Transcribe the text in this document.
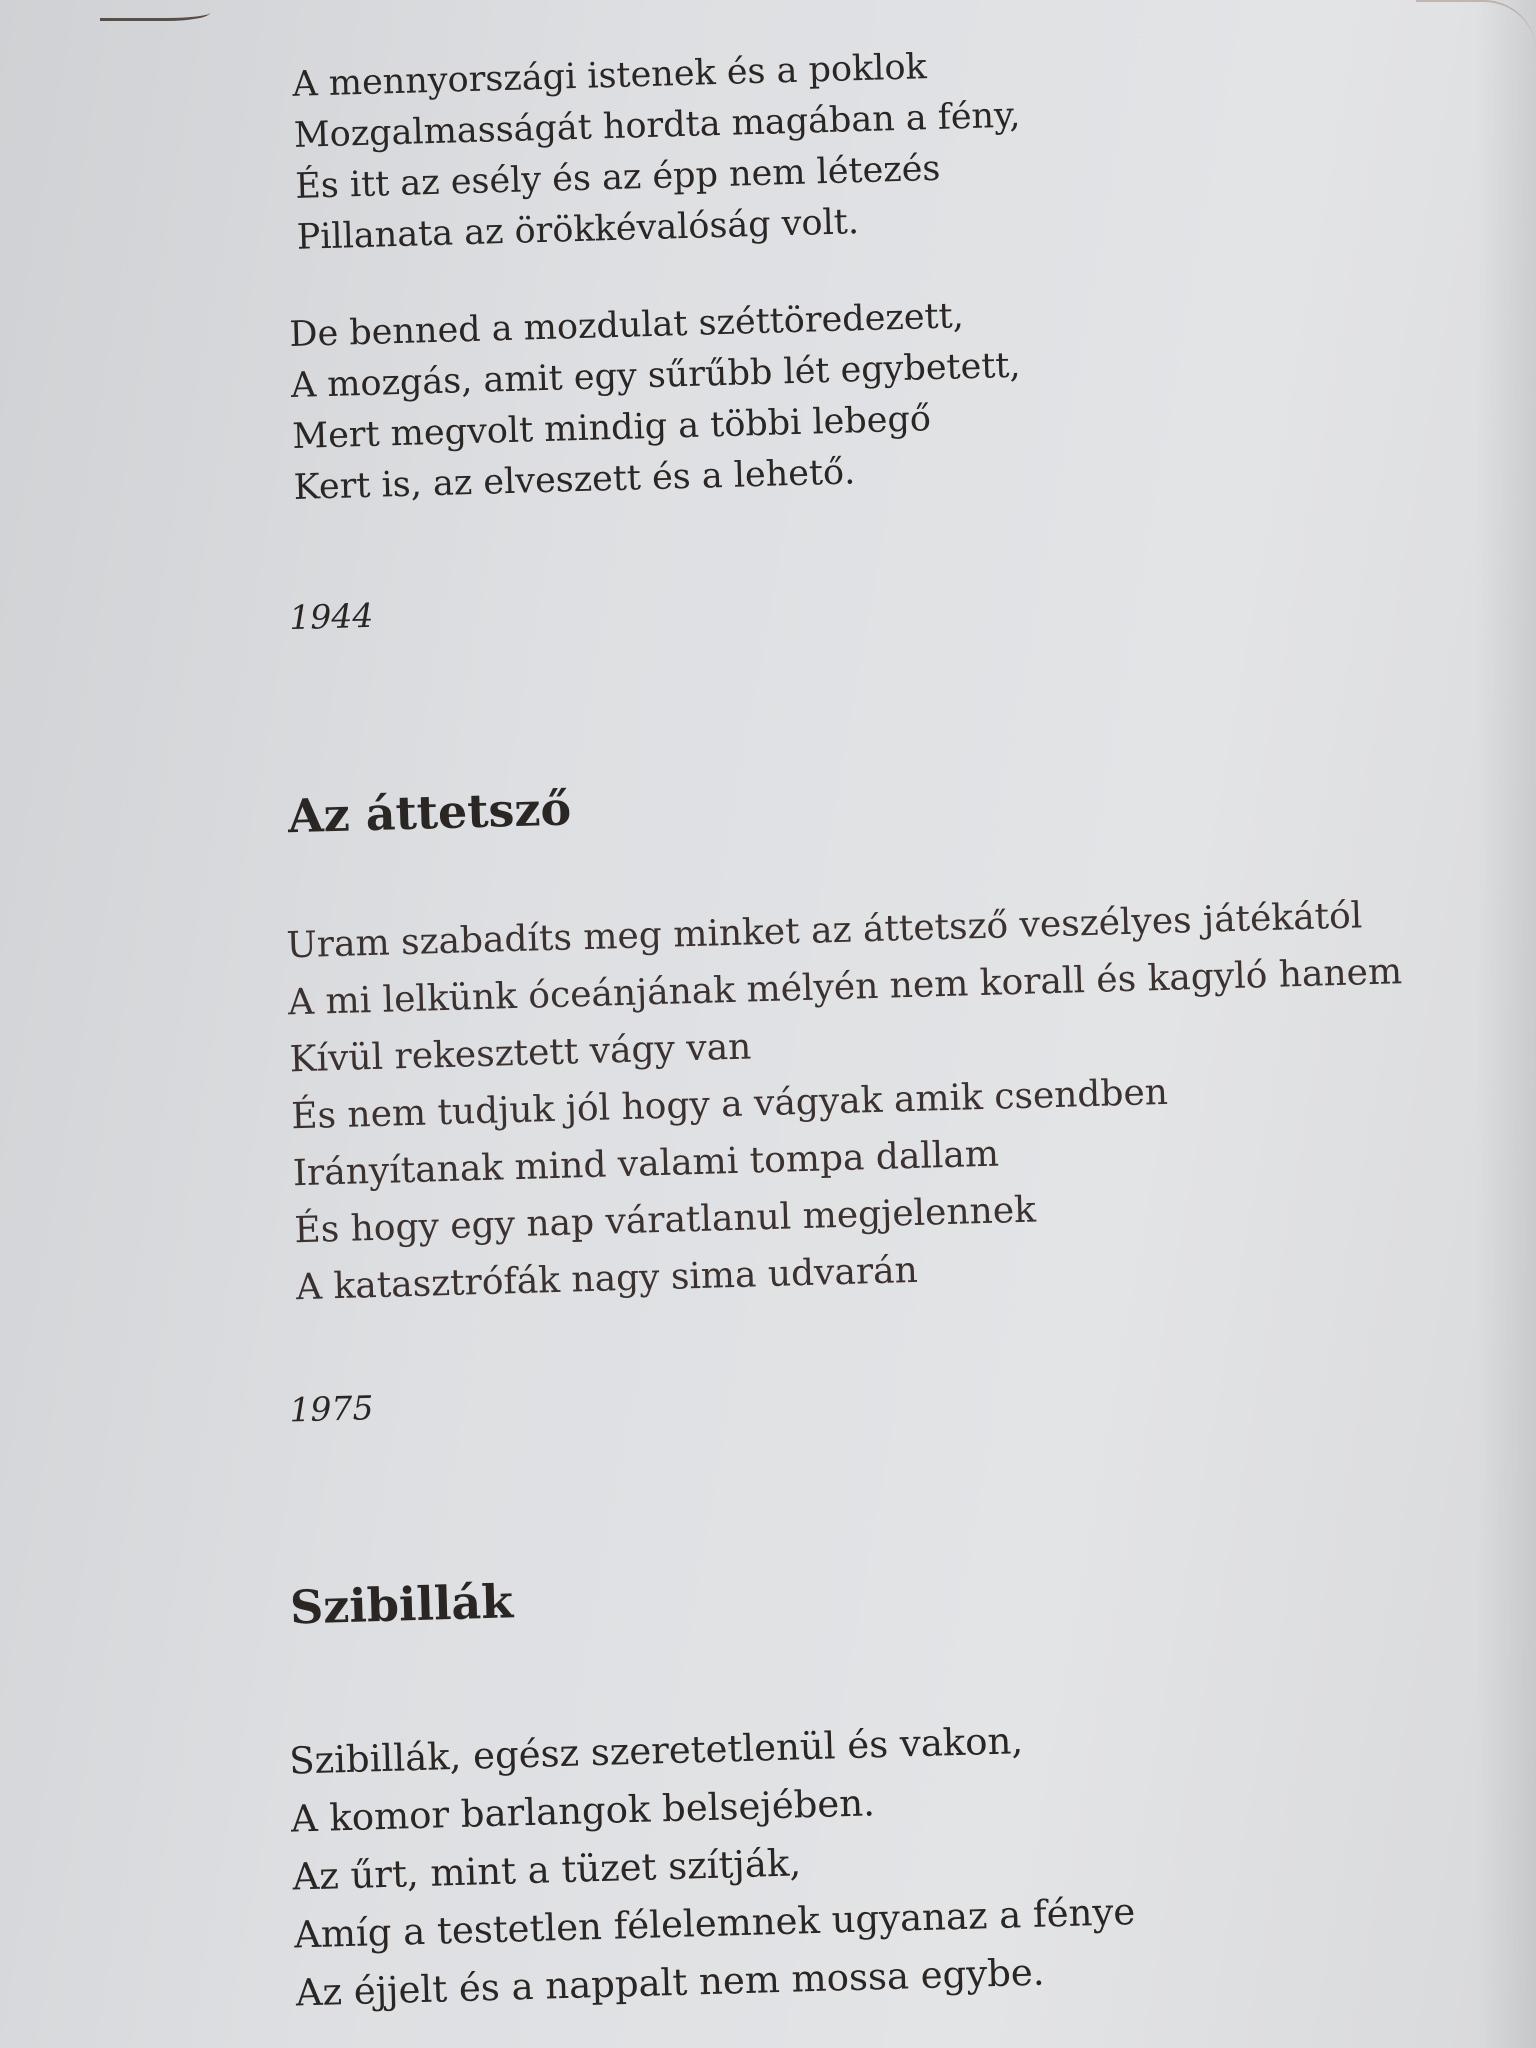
A mennyországi istenek és a poklok
Mozgalmasságát hordta magában a fény,
És itt az esély és az épp nem létezés
Pillanata az örökkévalóság volt.
De benned a mozdulat széttöredezett,
A mozgás, amit egy sűrűbb lét egybetett,
Mert megvolt mindig a többi lebegő
Kert is, az elveszett és a lehető.
1944
Az áttetsző
Uram szabadíts meg minket az áttetsző veszélyes játékától
A mi lelkünk óceánjának mélyén nem korall és kagyló hanem
Kívül rekesztett vágy van
És nem tudjuk jól hogy a vágyak amik csendben
Irányítanak mind valami tompa dallam
És hogy egy nap váratlanul megjelennek
A katasztrófák nagy sima udvarán
1975
Szibillák
Szibillák, egész szeretetlenül és vakon,
A komor barlangok belsejében.
Az űrt, mint a tüzet szítják,
Amíg a testetlen félelemnek ugyanaz a fénye
Az éjjelt és a nappalt nem mossa egybe.
